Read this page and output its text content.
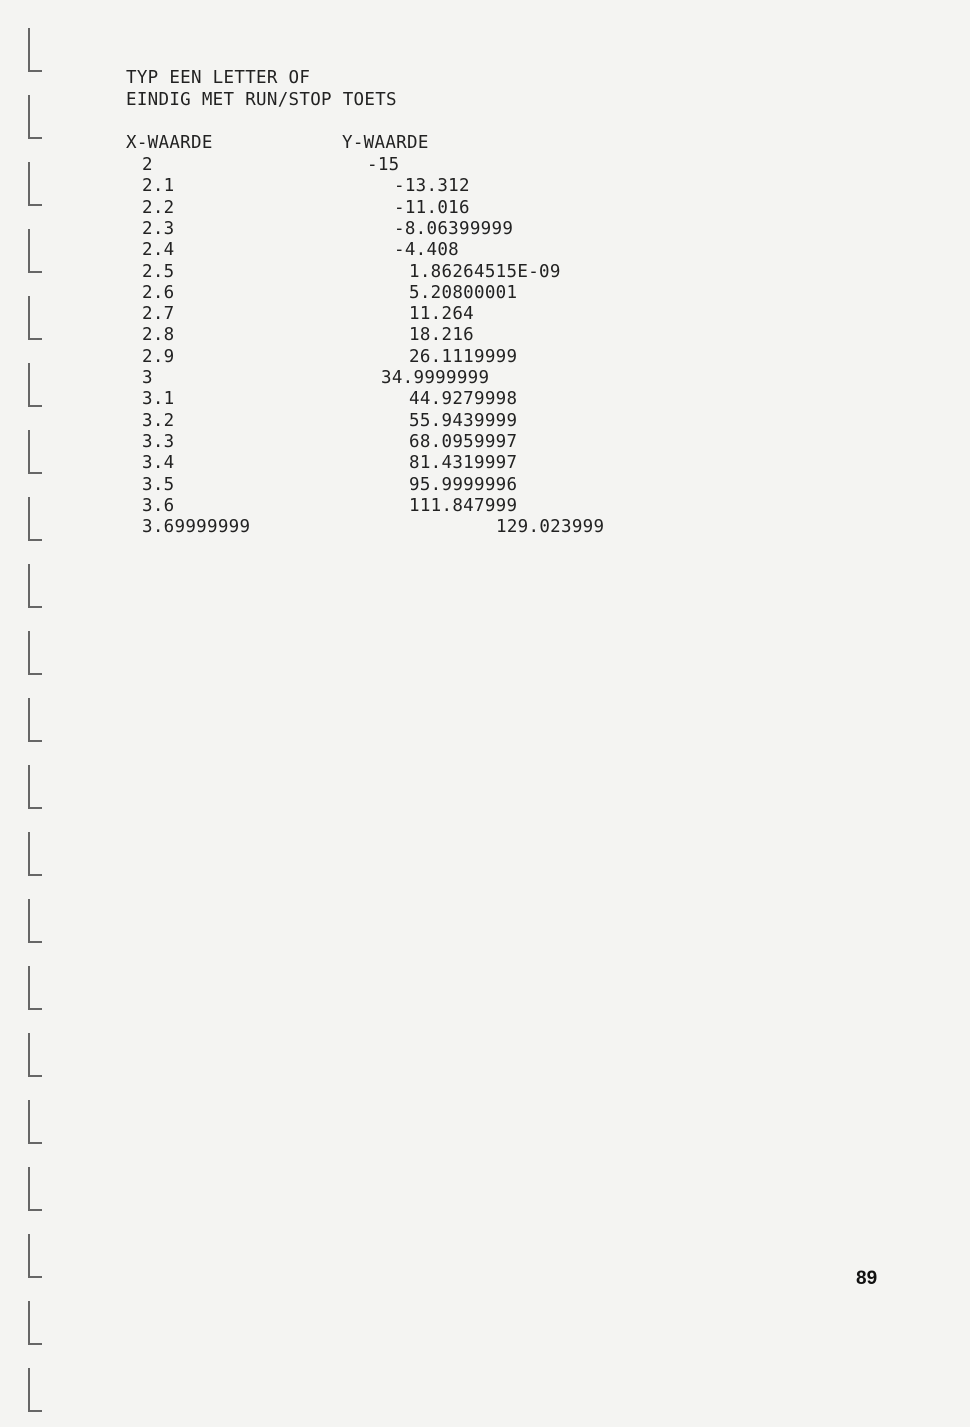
TYP EEN LETTER OF
EINDIG MET RUN/STOP TOETS
X-WAARDE	Y-WAARDE
2	-15
2.1	-13.312
2.2	-11.016
2.3	-8.06399999
2.4	-4.408
2.5	1.86264515E-09
2.6	5.20800001
2.7	11.264
2.8	18.216
2.9	26.1119999
3	34.9999999
3.1	44.9279998
3.2	55.9439999
3.3	68.0959997
3.4	81.4319997
3.5	95.9999996
3.6	111.847999
3.69999999	129.023999
89
